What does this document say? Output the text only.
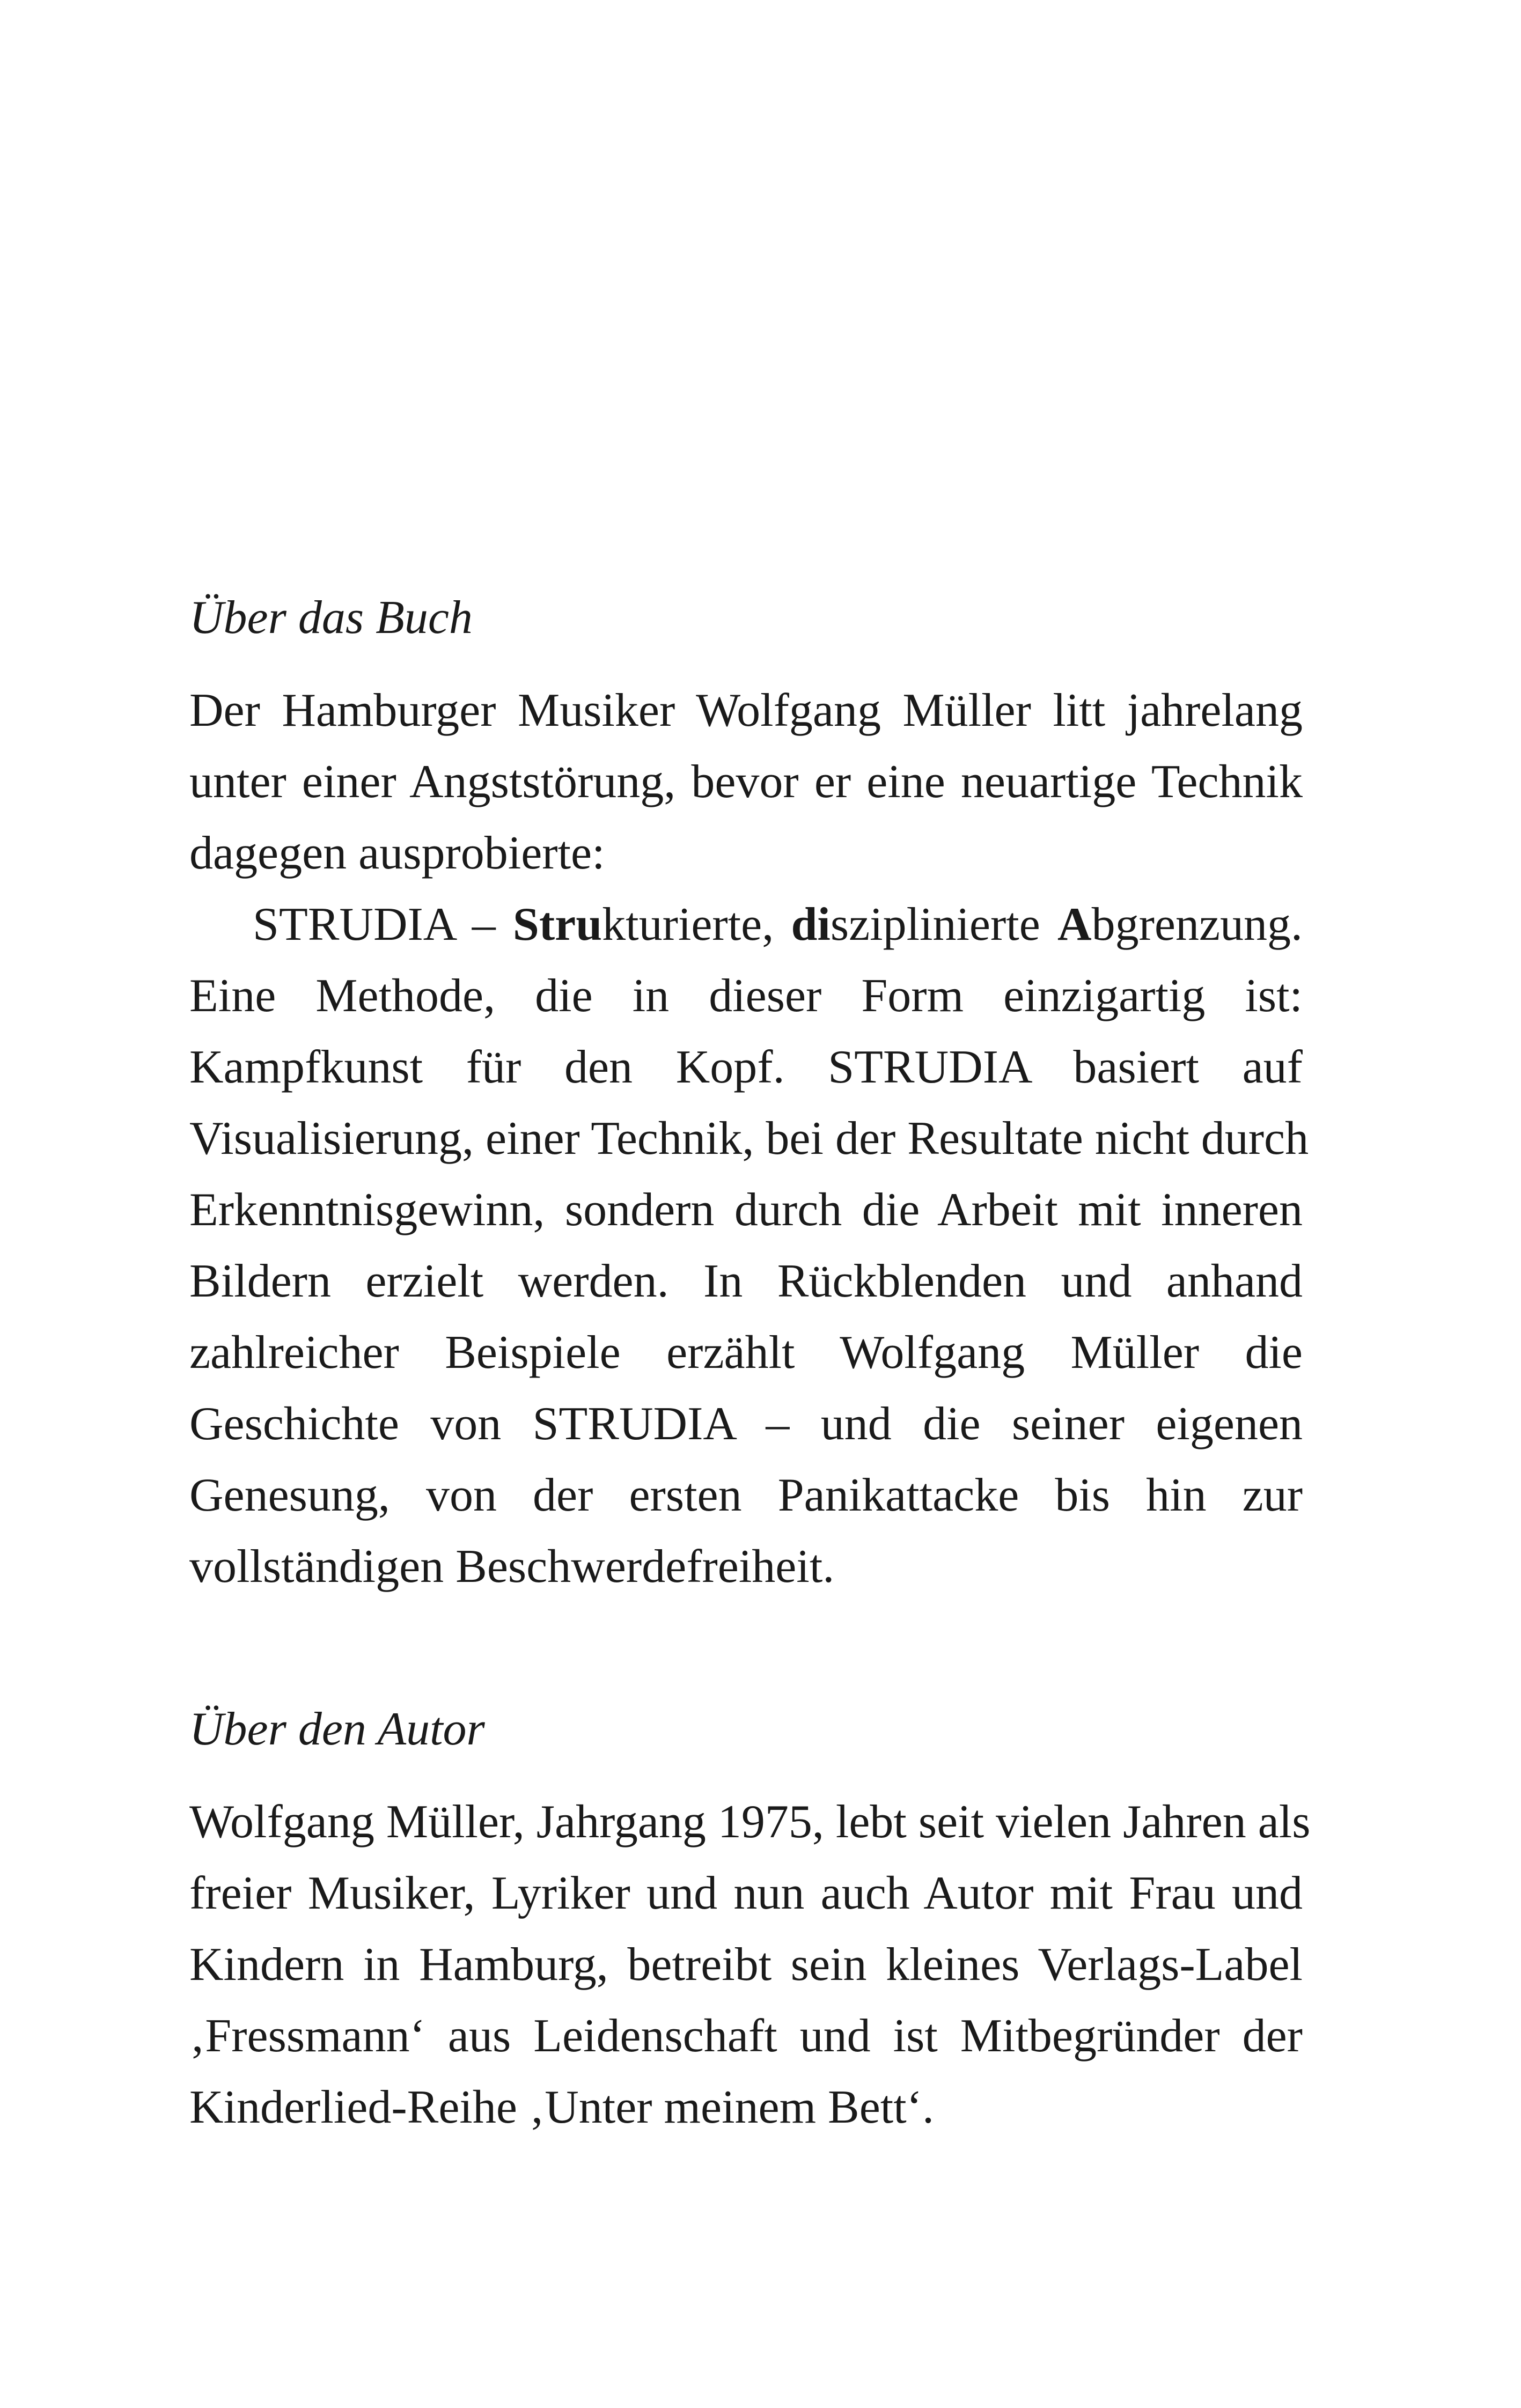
Über das Buch
Der Hamburger Musiker Wolfgang Müller litt jahrelang
unter einer Angststörung, bevor er eine neuartige Technik
dagegen ausprobierte:
STRUDIA – Strukturierte, disziplinierte Abgrenzung.
Eine Methode, die in dieser Form einzigartig ist:
Kampfkunst für den Kopf. STRUDIA basiert auf
Visualisierung, einer Technik, bei der Resultate nicht durch
Erkenntnisgewinn, sondern durch die Arbeit mit inneren
Bildern erzielt werden. In Rückblenden und anhand
zahlreicher Beispiele erzählt Wolfgang Müller die
Geschichte von STRUDIA – und die seiner eigenen
Genesung, von der ersten Panikattacke bis hin zur
vollständigen Beschwerdefreiheit.
Über den Autor
Wolfgang Müller, Jahrgang 1975, lebt seit vielen Jahren als
freier Musiker, Lyriker und nun auch Autor mit Frau und
Kindern in Hamburg, betreibt sein kleines Verlags-Label
‚Fressmann‘ aus Leidenschaft und ist Mitbegründer der
Kinderlied-Reihe ‚Unter meinem Bett‘.
